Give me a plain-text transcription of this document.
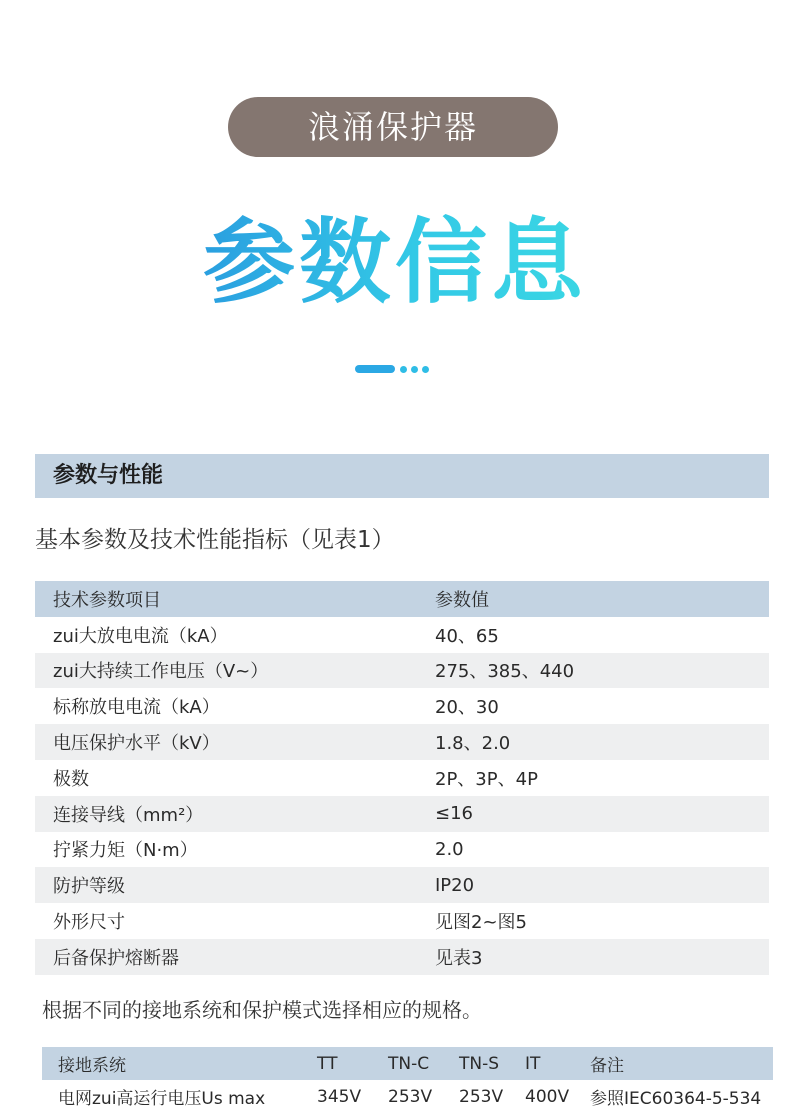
浪涌保护器
参数信息
参数与性能
基本参数及技术性能指标（见表1）
技术参数项目	参数值
zui大放电电流（kA）	40、65
zui大持续工作电压（V~）	275、385、440
标称放电电流（kA）	20、30
电压保护水平（kV）	1.8、2.0
极数	2P、3P、4P
连接导线（mm²）	≤16
拧紧力矩（N·m）	2.0
防护等级	IP20
外形尺寸	见图2~图5
后备保护熔断器	见表3
根据不同的接地系统和保护模式选择相应的规格。
接地系统	TT	TN-C	TN-S	IT	备注
电网zui高运行电压Us max	345V	253V	253V	400V	参照IEC60364-5-534
